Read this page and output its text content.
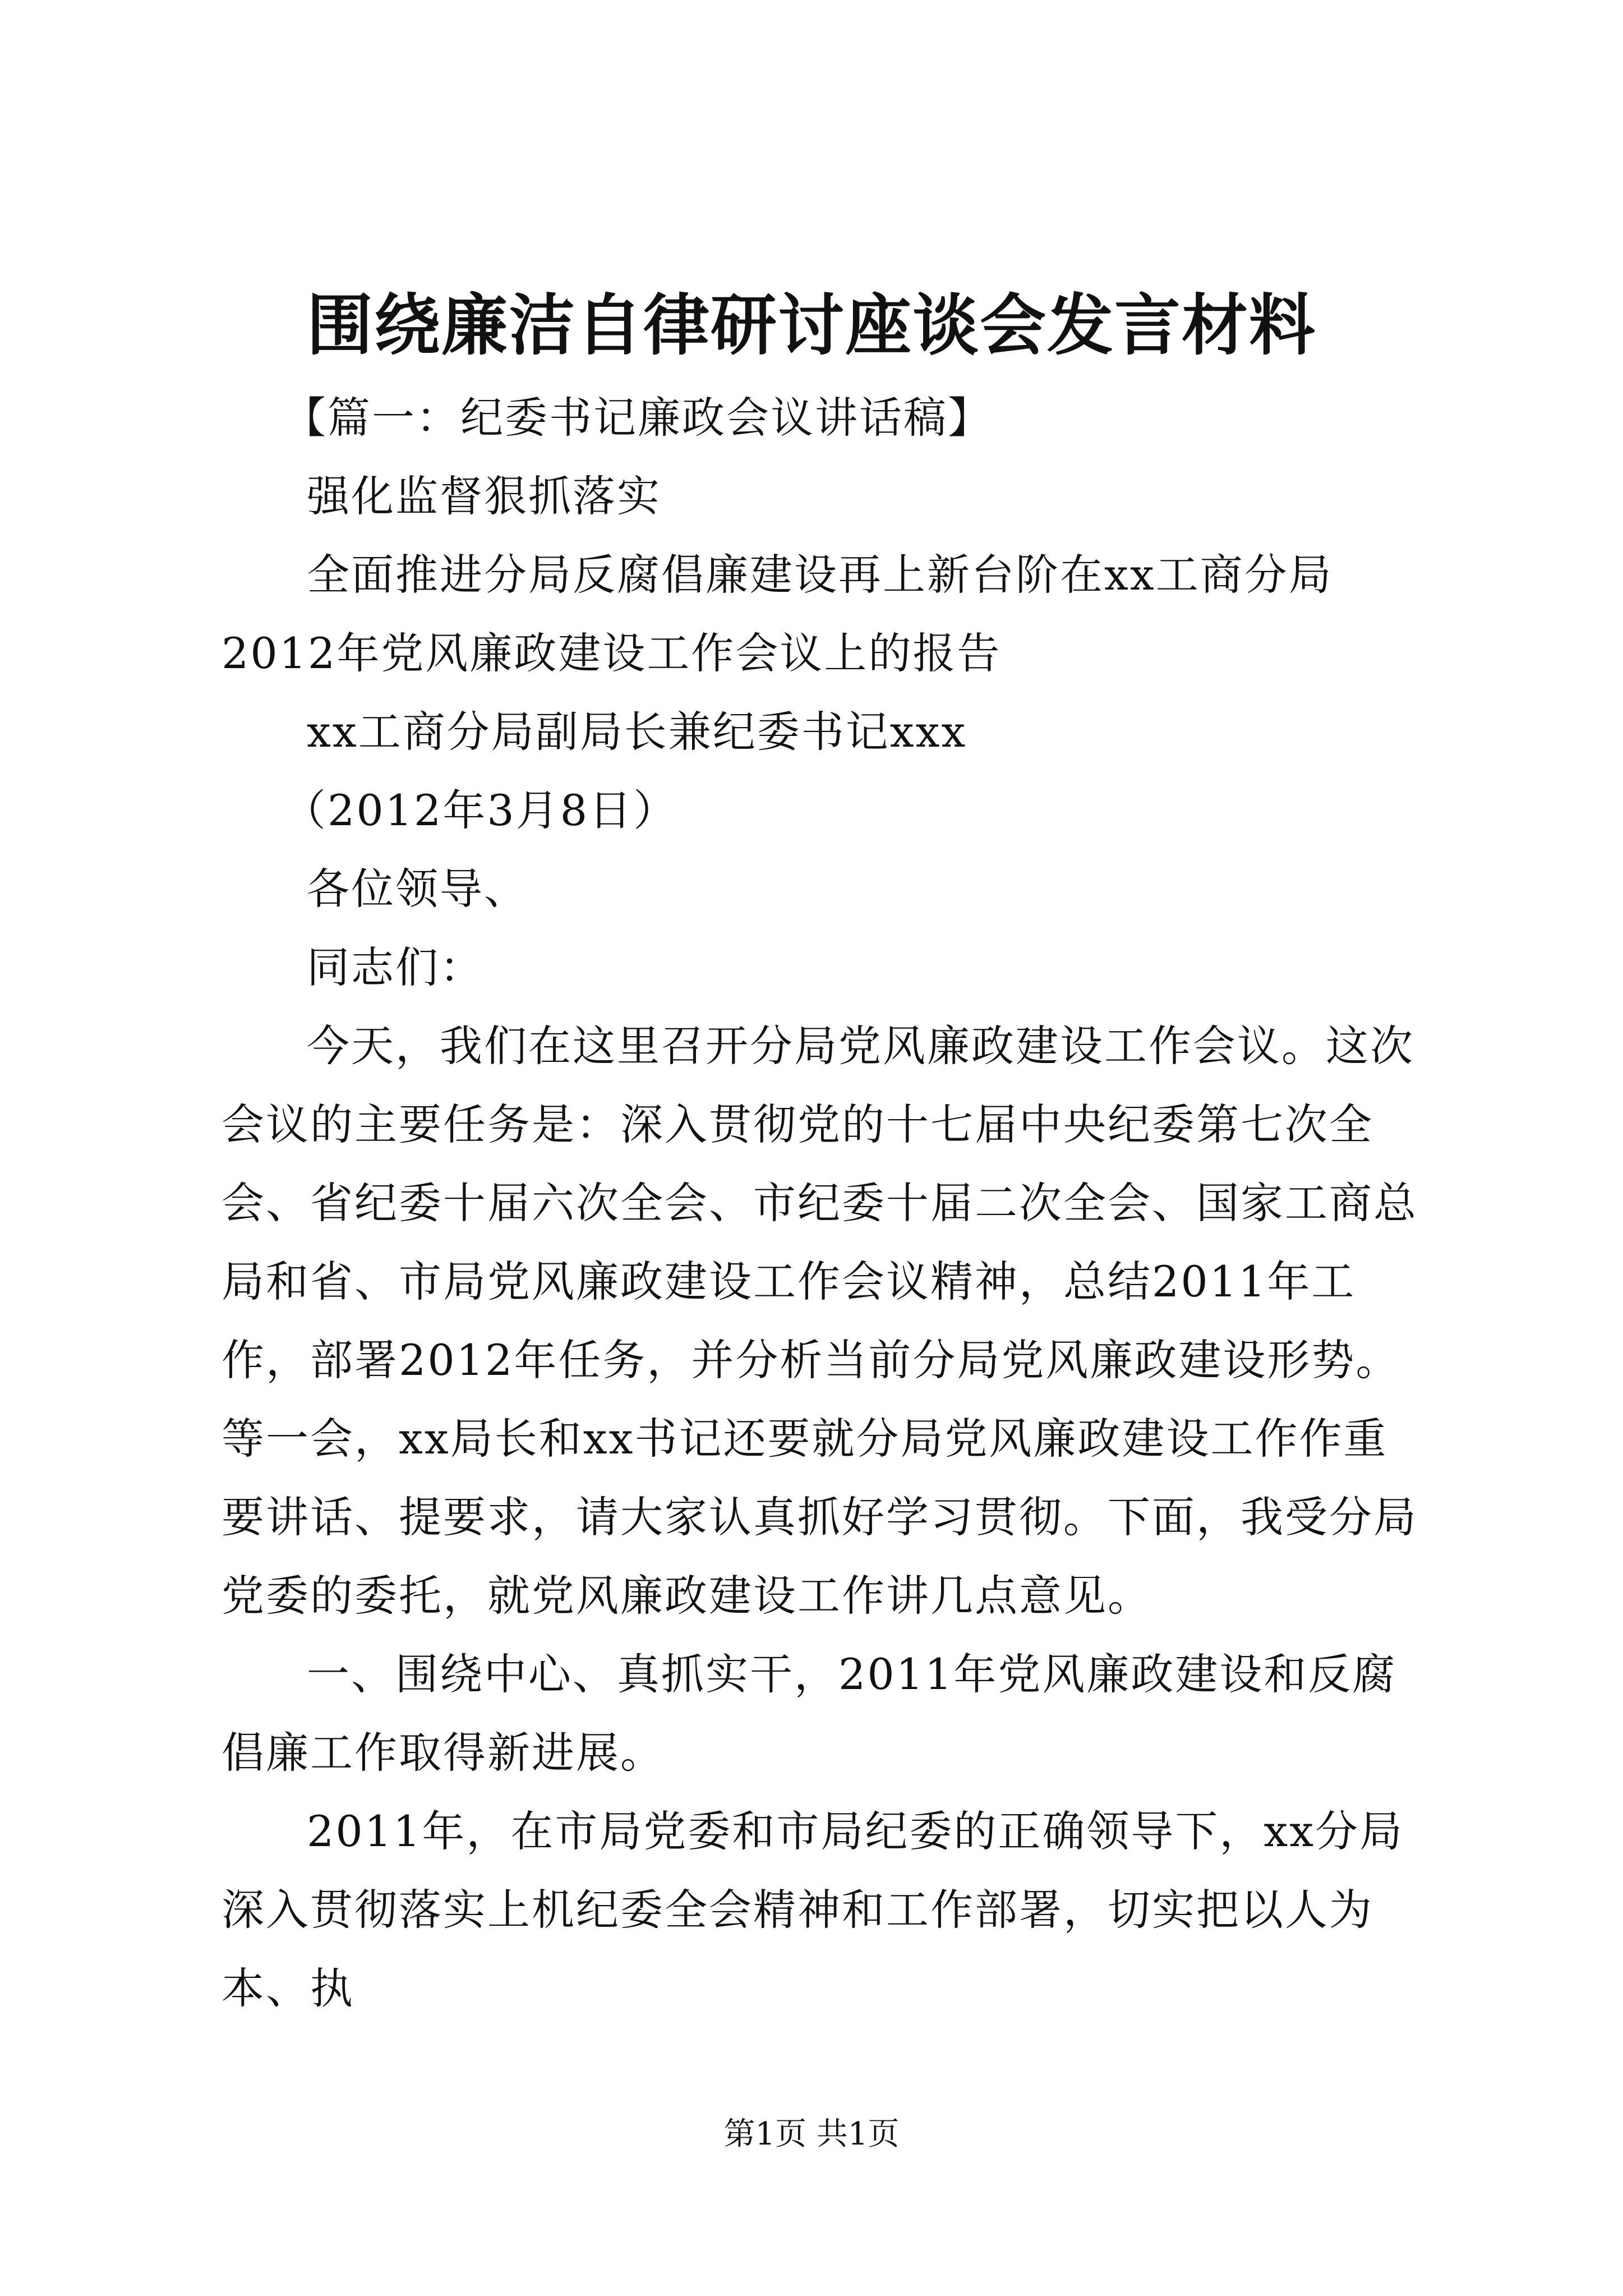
围绕廉洁自律研讨座谈会发言材料

【篇一：纪委书记廉政会议讲话稿】

强化监督狠抓落实

全面推进分局反腐倡廉建设再上新台阶在xx工商分局2012年党风廉政建设工作会议上的报告

xx工商分局副局长兼纪委书记xxx

（2012年3月8日）

各位领导、

同志们：

今天，我们在这里召开分局党风廉政建设工作会议。这次会议的主要任务是：深入贯彻党的十七届中央纪委第七次全会、省纪委十届六次全会、市纪委十届二次全会、国家工商总局和省、市局党风廉政建设工作会议精神，总结2011年工作，部署2012年任务，并分析当前分局党风廉政建设形势。等一会，xx局长和xx书记还要就分局党风廉政建设工作作重要讲话、提要求，请大家认真抓好学习贯彻。下面，我受分局党委的委托，就党风廉政建设工作讲几点意见。

一、围绕中心、真抓实干，2011年党风廉政建设和反腐倡廉工作取得新进展。

2011年，在市局党委和市局纪委的正确领导下，xx分局深入贯彻落实上机纪委全会精神和工作部署，切实把以人为本、执

第1页 共1页
